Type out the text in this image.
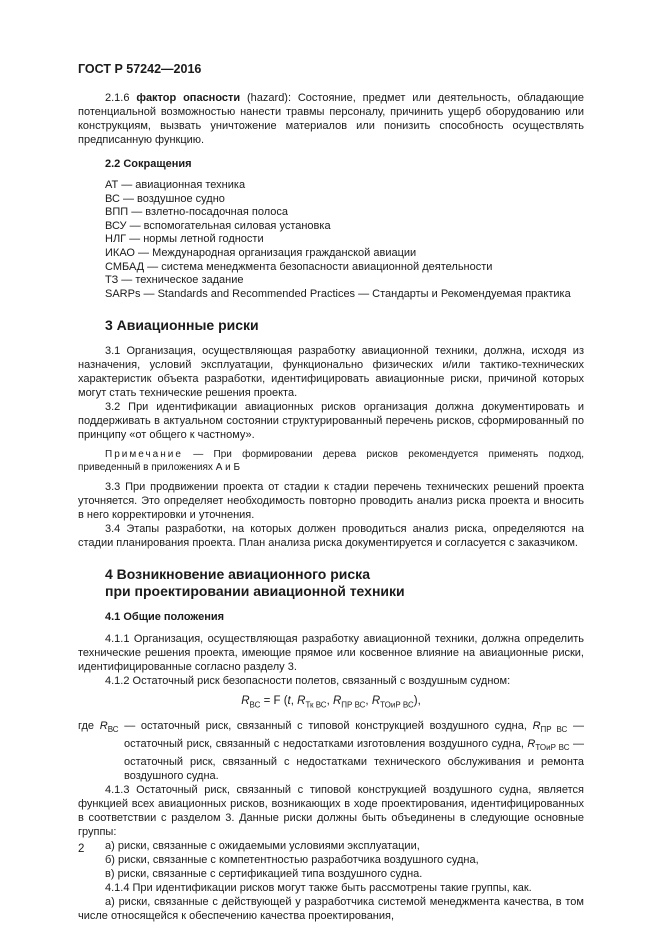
ГОСТ Р 57242—2016

2.1.6 фактор опасности (hazard): Состояние, предмет или деятельность, обладающие потенциальной возможностью нанести травмы персоналу, причинить ущерб оборудованию или конструкциям, вызвать уничтожение материалов или понизить способность осуществлять предписанную функцию.

2.2 Сокращения
АТ — авиационная техника
ВС — воздушное судно
ВПП — взлетно-посадочная полоса
ВСУ — вспомогательная силовая установка
НЛГ — нормы летной годности
ИКАО — Международная организация гражданской авиации
СМБАД — система менеджмента безопасности авиационной деятельности
ТЗ — техническое задание
SARPs — Standards and Recommended Practices — Стандарты и Рекомендуемая практика
3 Авиационные риски

3.1 Организация, осуществляющая разработку авиационной техники, должна, исходя из назначения, условий эксплуатации, функционально физических и/или тактико-технических характеристик объекта разработки, идентифицировать авиационные риски, причиной которых могут стать технические решения проекта.

3.2 При идентификации авиационных рисков организация должна документировать и поддерживать в актуальном состоянии структурированный перечень рисков, сформированный по принципу «от общего к частному».

Примечание — При формировании дерева рисков рекомендуется применять подход, приведенный в приложениях А и Б

3.3 При продвижении проекта от стадии к стадии перечень технических решений проекта уточняется. Это определяет необходимость повторно проводить анализ риска проекта и вносить в него корректировки и уточнения.

3.4 Этапы разработки, на которых должен проводиться анализ риска, определяются на стадии планирования проекта. План анализа риска документируется и согласуется с заказчиком.

4 Возникновение авиационного риска
при проектировании авиационной техники
4.1 Общие положения

4.1.1 Организация, осуществляющая разработку авиационной техники, должна определить технические решения проекта, имеющие прямое или косвенное влияние на авиационные риски, идентифицированные согласно разделу 3.

4.1.2 Остаточный риск безопасности полетов, связанный с воздушным судном:

$R_{ВС} = F$ (t, $R_{Тк ВС}$, $R_{ПР ВС}$, $R_{ТОиР ВС}$),

где $R_{ВС}$ — остаточный риск, связанный с типовой конструкцией воздушного судна, $R_{ПР ВС}$ — остаточный риск, связанный с недостатками изготовления воздушного судна, $R_{ТОиР ВС}$ — остаточный риск, связанный с недостатками технического обслуживания и ремонта воздушного судна.

4.1.3 Остаточный риск, связанный с типовой конструкцией воздушного судна, является функцией всех авиационных рисков, возникающих в ходе проектирования, идентифицированных в соответствии с разделом 3. Данные риски должны быть объединены в следующие основные группы:

а) риски, связанные с ожидаемыми условиями эксплуатации,

б) риски, связанные с компетентностью разработчика воздушного судна,

в) риски, связанные с сертификацией типа воздушного судна.

4.1.4 При идентификации рисков могут также быть рассмотрены такие группы, как.

а) риски, связанные с действующей у разработчика системой менеджмента качества, в том числе относящейся к обеспечению качества проектирования,

2
